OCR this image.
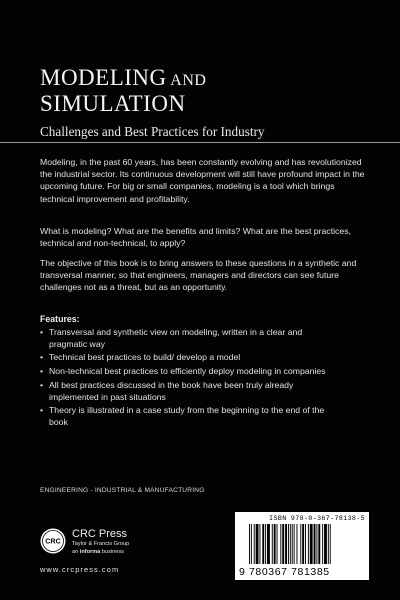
MODELING AND
SIMULATION
Challenges and Best Practices for Industry

Modeling, in the past 60 years, has been constantly evolving and has revolutionized the industrial sector. Its continuous development will still have profound impact in the upcoming future. For big or small companies, modeling is a tool which brings technical improvement and profitability.

What is modeling? What are the benefits and limits? What are the best practices, technical and non-technical, to apply?

The objective of this book is to bring answers to these questions in a synthetic and transversal manner, so that engineers, managers and directors can see future challenges not as a threat, but as an opportunity.

Features:
• Transversal and synthetic view on modeling, written in a clear and pragmatic way
• Technical best practices to build/ develop a model
• Non-technical best practices to efficiently deploy modeling in companies
• All best practices discussed in the book have been truly already implemented in past situations
• Theory is illustrated in a case study from the beginning to the end of the book
ENGINEERING - INDUSTRIAL & MANUFACTURING
CRC
CRC Press
Taylor & Francis Group
an informa business
www.crcpress.com
ISBN 978-0-367-78138-5
9 780367 781385
